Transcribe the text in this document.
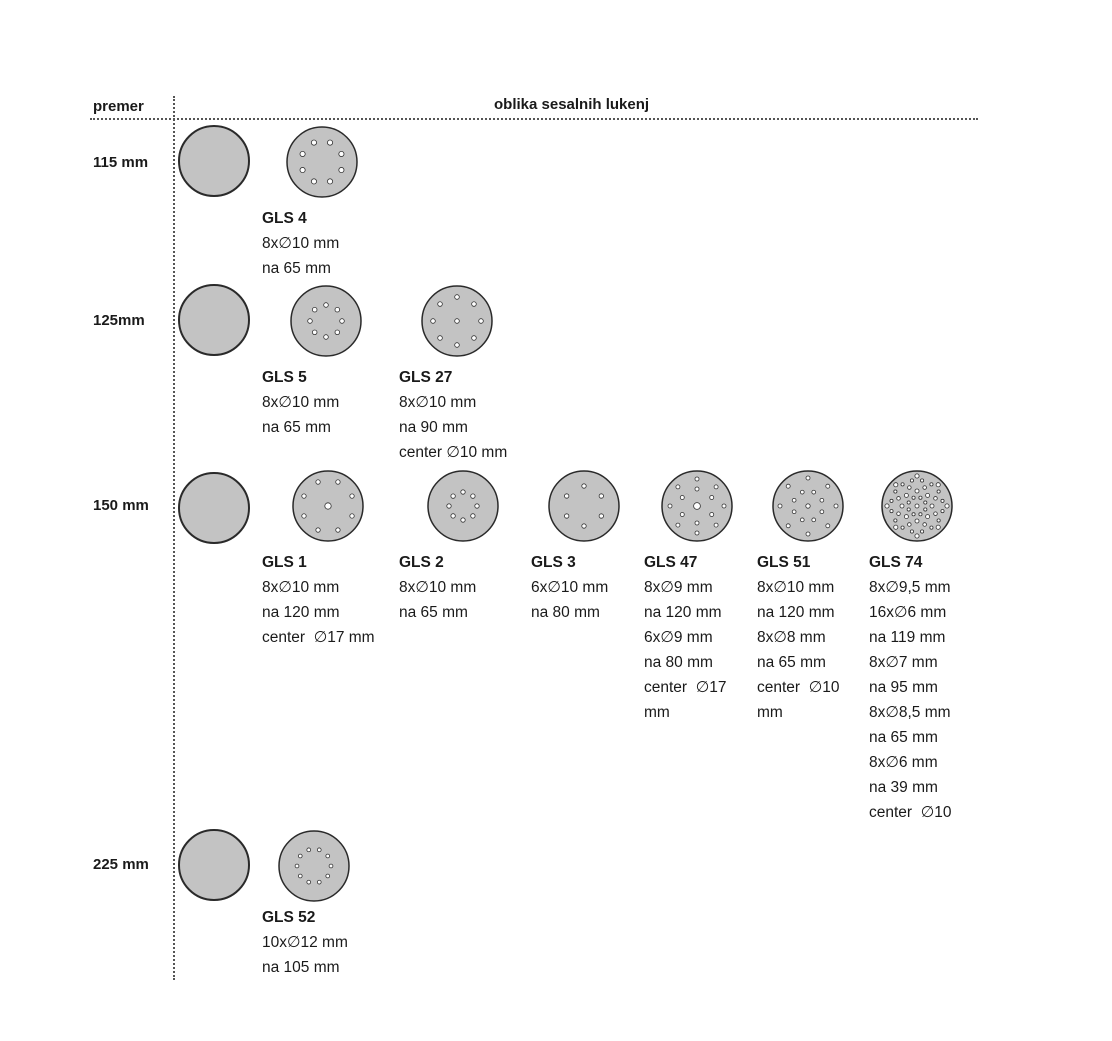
premer	oblika sesalnih lukenj
115 mm
GLS 4
8x∅10 mm
na 65 mm
125mm
GLS 5
8x∅10 mm
na 65 mm
GLS 27
8x∅10 mm
na 90 mm
center ∅10 mm
150 mm
GLS 1
8x∅10 mm
na 120 mm
center  ∅17 mm
GLS 2
8x∅10 mm
na 65 mm
GLS 3
6x∅10 mm
na 80 mm
GLS 47
8x∅9 mm
na 120 mm
6x∅9 mm
na 80 mm
center  ∅17
mm
GLS 51
8x∅10 mm
na 120 mm
8x∅8 mm
na 65 mm
center  ∅10
mm
GLS 74
8x∅9,5 mm
16x∅6 mm
na 119 mm
8x∅7 mm
na 95 mm
8x∅8,5 mm
na 65 mm
8x∅6 mm
na 39 mm
center  ∅10
225 mm
GLS 52
10x∅12 mm
na 105 mm
